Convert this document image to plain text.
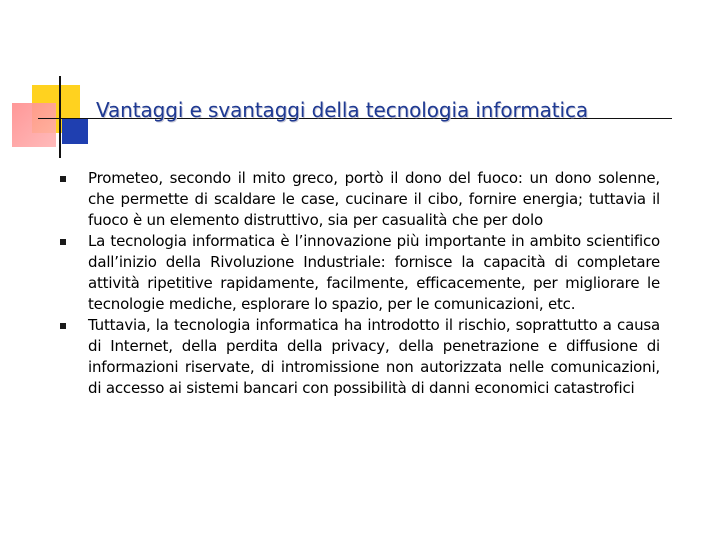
Vantaggi e svantaggi della tecnologia informatica
Prometeo, secondo il mito greco, portò il dono del fuoco: un dono solenne, che permette di scaldare le case, cucinare il cibo, fornire energia; tuttavia il fuoco è un elemento distruttivo, sia per casualità che per dolo
La tecnologia informatica è l’innovazione più importante in ambito scientifico dall’inizio della Rivoluzione Industriale: fornisce la capacità di completare attività ripetitive rapidamente, facilmente, efficacemente, per migliorare le tecnologie mediche, esplorare lo spazio, per le comunicazioni, etc.
Tuttavia, la tecnologia informatica ha introdotto il rischio, soprattutto a causa di Internet, della perdita della privacy, della penetrazione e diffusione di informazioni riservate, di intromissione non autorizzata nelle comunicazioni, di accesso ai sistemi bancari con possibilità di danni economici catastrofici
